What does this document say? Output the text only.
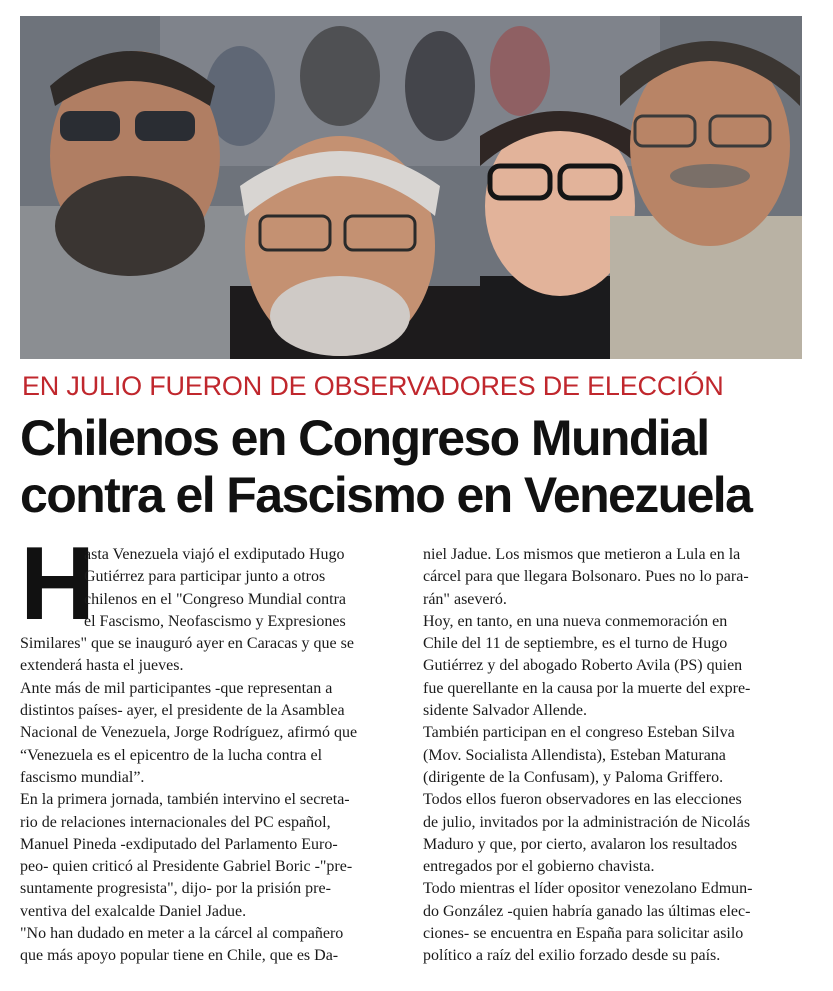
EN JULIO FUERON DE OBSERVADORES DE ELECCIÓN
Chilenos en Congreso Mundial
contra el Fascismo en Venezuela
H
asta Venezuela viajó el exdiputado Hugo
Gutiérrez para participar junto a otros
chilenos en el "Congreso Mundial contra
el Fascismo, Neofascismo y Expresiones
Similares" que se inauguró ayer en Caracas y que se
extenderá hasta el jueves.
Ante más de mil participantes -que representan a
distintos países- ayer, el presidente de la Asamblea
Nacional de Venezuela, Jorge Rodríguez, afirmó que
“Venezuela es el epicentro de la lucha contra el
fascismo mundial”.
En la primera jornada, también intervino el secreta-
rio de relaciones internacionales del PC español,
Manuel Pineda -exdiputado del Parlamento Euro-
peo- quien criticó al Presidente Gabriel Boric -"pre-
suntamente progresista", dijo- por la prisión pre-
ventiva del exalcalde Daniel Jadue.
"No han dudado en meter a la cárcel al compañero
que más apoyo popular tiene en Chile, que es Da-
niel Jadue. Los mismos que metieron a Lula en la
cárcel para que llegara Bolsonaro. Pues no lo para-
rán" aseveró.
Hoy, en tanto, en una nueva conmemoración en
Chile del 11 de septiembre, es el turno de Hugo
Gutiérrez y del abogado Roberto Avila (PS) quien
fue querellante en la causa por la muerte del expre-
sidente Salvador Allende.
También participan en el congreso Esteban Silva
(Mov. Socialista Allendista), Esteban Maturana
(dirigente de la Confusam), y Paloma Griffero.
Todos ellos fueron observadores en las elecciones
de julio, invitados por la administración de Nicolás
Maduro y que, por cierto, avalaron los resultados
entregados por el gobierno chavista.
Todo mientras el líder opositor venezolano Edmun-
do González -quien habría ganado las últimas elec-
ciones- se encuentra en España para solicitar asilo
político a raíz del exilio forzado desde su país.
